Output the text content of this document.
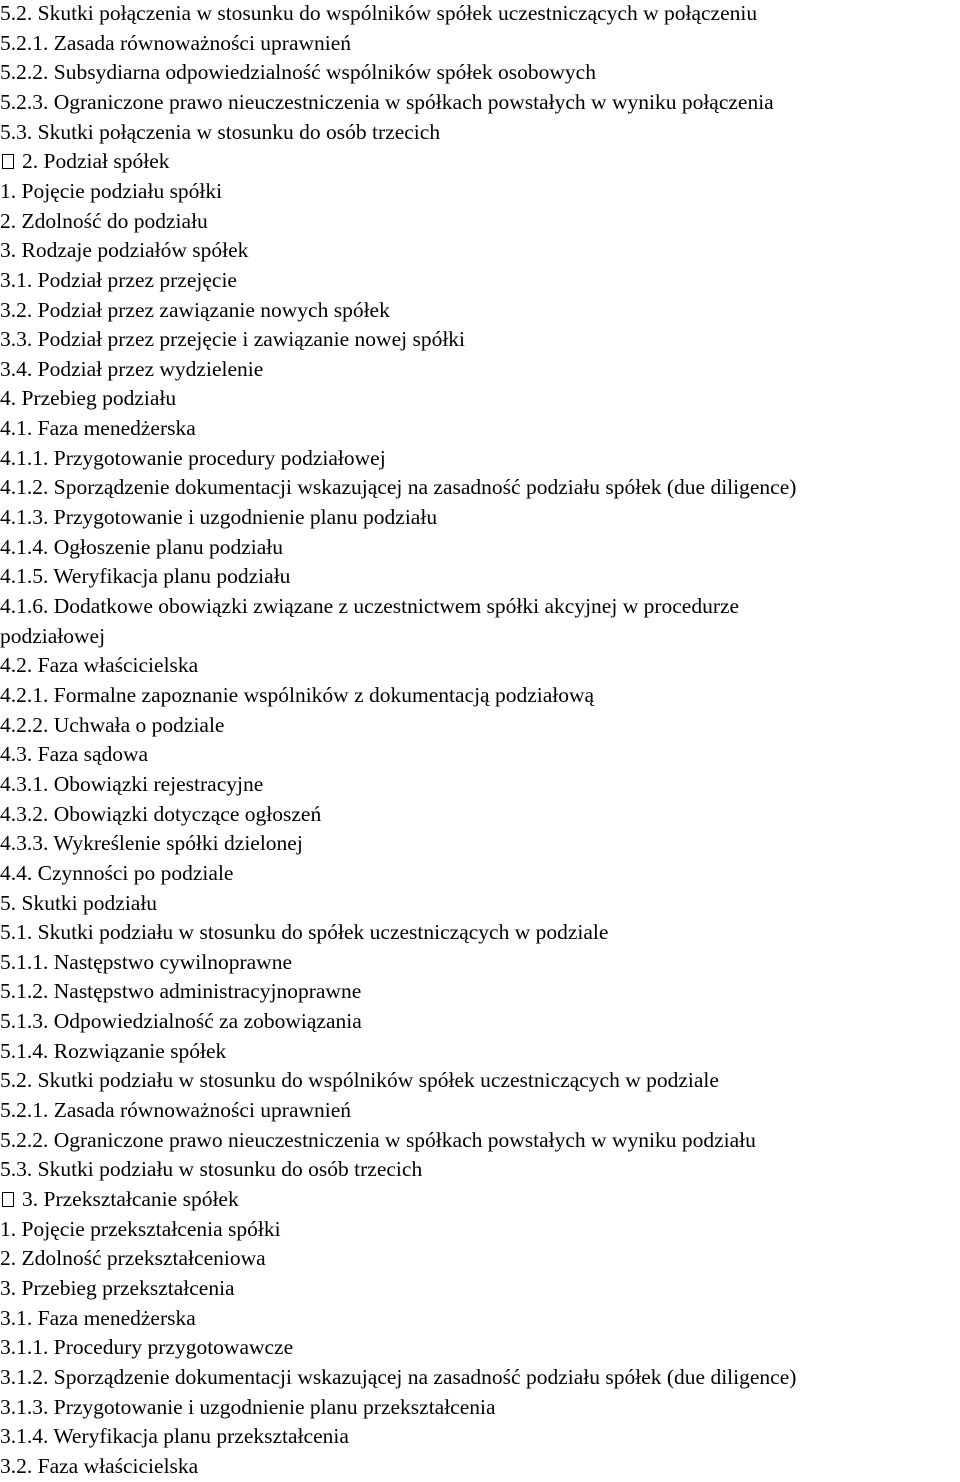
5.2. Skutki połączenia w stosunku do wspólników spółek uczestniczących w połączeniu
5.2.1. Zasada równoważności uprawnień
5.2.2. Subsydiarna odpowiedzialność wspólników spółek osobowych
5.2.3. Ograniczone prawo nieuczestniczenia w spółkach powstałych w wyniku połączenia
5.3. Skutki połączenia w stosunku do osób trzecich
2. Podział spółek
1. Pojęcie podziału spółki
2. Zdolność do podziału
3. Rodzaje podziałów spółek
3.1. Podział przez przejęcie
3.2. Podział przez zawiązanie nowych spółek
3.3. Podział przez przejęcie i zawiązanie nowej spółki
3.4. Podział przez wydzielenie
4. Przebieg podziału
4.1. Faza menedżerska
4.1.1. Przygotowanie procedury podziałowej
4.1.2. Sporządzenie dokumentacji wskazującej na zasadność podziału spółek (due diligence)
4.1.3. Przygotowanie i uzgodnienie planu podziału
4.1.4. Ogłoszenie planu podziału
4.1.5. Weryfikacja planu podziału
4.1.6. Dodatkowe obowiązki związane z uczestnictwem spółki akcyjnej w procedurze
podziałowej
4.2. Faza właścicielska
4.2.1. Formalne zapoznanie wspólników z dokumentacją podziałową
4.2.2. Uchwała o podziale
4.3. Faza sądowa
4.3.1. Obowiązki rejestracyjne
4.3.2. Obowiązki dotyczące ogłoszeń
4.3.3. Wykreślenie spółki dzielonej
4.4. Czynności po podziale
5. Skutki podziału
5.1. Skutki podziału w stosunku do spółek uczestniczących w podziale
5.1.1. Następstwo cywilnoprawne
5.1.2. Następstwo administracyjnoprawne
5.1.3. Odpowiedzialność za zobowiązania
5.1.4. Rozwiązanie spółek
5.2. Skutki podziału w stosunku do wspólników spółek uczestniczących w podziale
5.2.1. Zasada równoważności uprawnień
5.2.2. Ograniczone prawo nieuczestniczenia w spółkach powstałych w wyniku podziału
5.3. Skutki podziału w stosunku do osób trzecich
3. Przekształcanie spółek
1. Pojęcie przekształcenia spółki
2. Zdolność przekształceniowa
3. Przebieg przekształcenia
3.1. Faza menedżerska
3.1.1. Procedury przygotowawcze
3.1.2. Sporządzenie dokumentacji wskazującej na zasadność podziału spółek (due diligence)
3.1.3. Przygotowanie i uzgodnienie planu przekształcenia
3.1.4. Weryfikacja planu przekształcenia
3.2. Faza właścicielska
